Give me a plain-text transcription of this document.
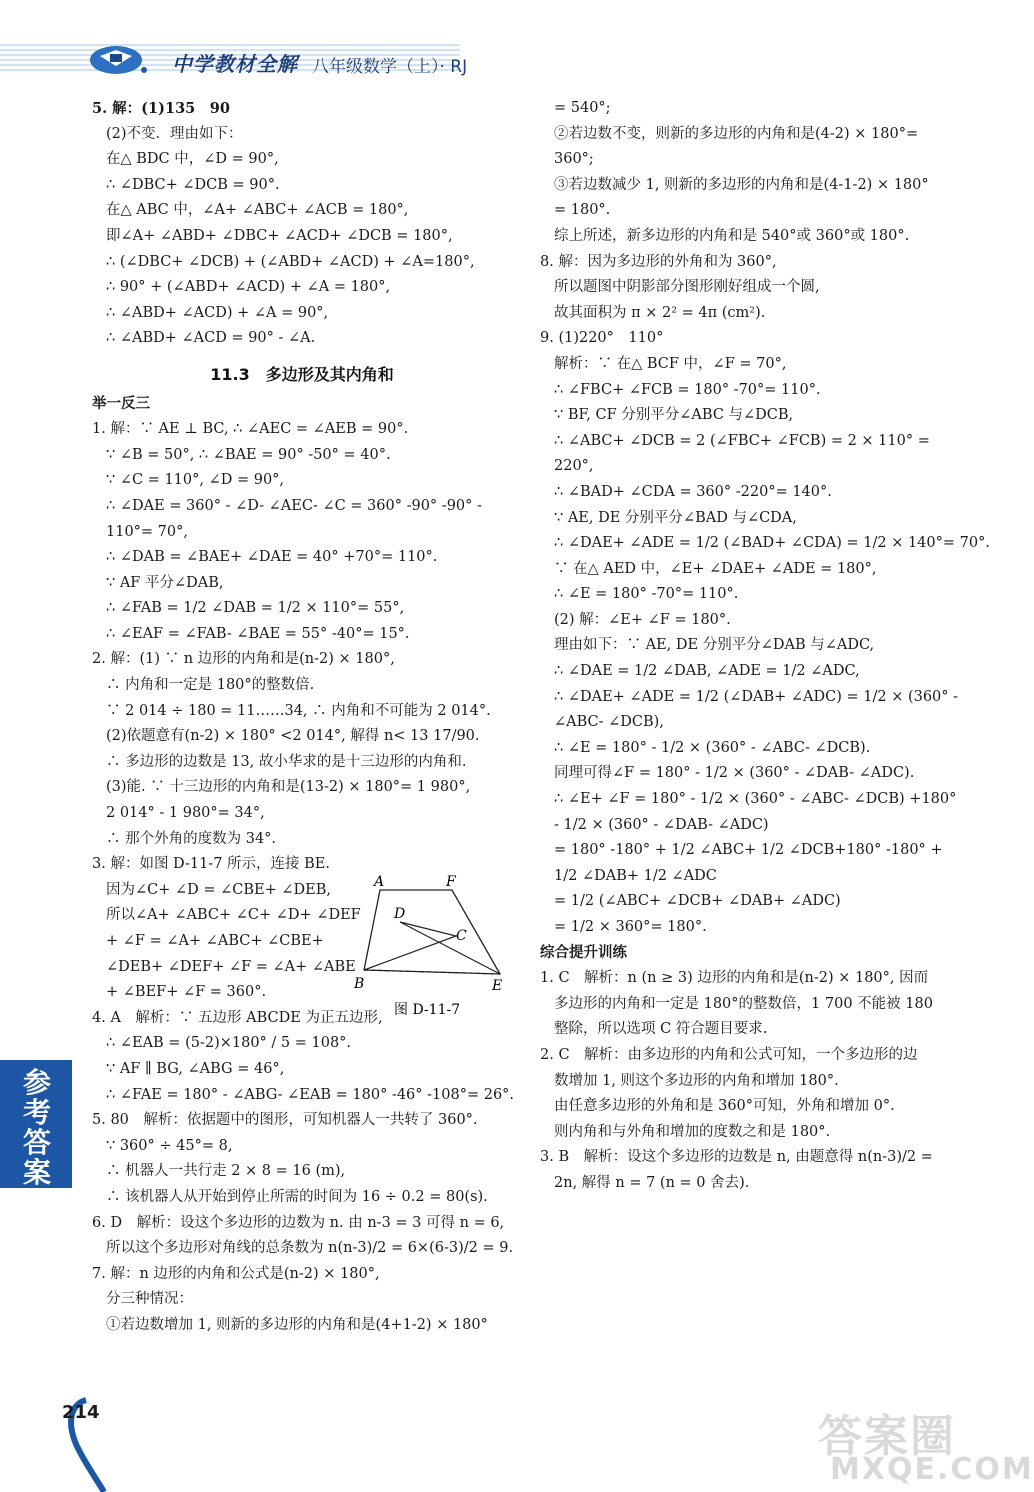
中学教材全解 八年级数学（上）· RJ
5. 解：(1)135　90
(2)不变．理由如下：
在△ BDC 中，∠D = 90°,
∴ ∠DBC+ ∠DCB = 90°.
在△ ABC 中，∠A+ ∠ABC+ ∠ACB = 180°,
即∠A+ ∠ABD+ ∠DBC+ ∠ACD+ ∠DCB = 180°,
∴ (∠DBC+ ∠DCB) + (∠ABD+ ∠ACD) + ∠A=180°,
∴ 90° + (∠ABD+ ∠ACD) + ∠A = 180°,
∴ ∠ABD+ ∠ACD) + ∠A = 90°,
∴ ∠ABD+ ∠ACD = 90° - ∠A.
11.3　多边形及其内角和
举一反三
1. 解：∵ AE ⊥ BC, ∴ ∠AEC = ∠AEB = 90°.
∵ ∠B = 50°, ∴ ∠BAE = 90° -50° = 40°.
∵ ∠C = 110°, ∠D = 90°,
∴ ∠DAE = 360° - ∠D- ∠AEC- ∠C = 360° -90° -90° -
110°= 70°,
∴ ∠DAB = ∠BAE+ ∠DAE = 40° +70°= 110°.
∵ AF 平分∠DAB,
∴ ∠FAB = 1/2 ∠DAB = 1/2 × 110°= 55°,
∴ ∠EAF = ∠FAB- ∠BAE = 55° -40°= 15°.
2. 解：(1) ∵ n 边形的内角和是(n-2) × 180°,
∴ 内角和一定是 180°的整数倍.
∵ 2 014 ÷ 180 = 11……34, ∴ 内角和不可能为 2 014°.
(2)依题意有(n-2) × 180° <2 014°, 解得 n< 13 17/90.
∴ 多边形的边数是 13, 故小华求的是十三边形的内角和.
(3)能. ∵ 十三边形的内角和是(13-2) × 180°= 1 980°,
2 014° - 1 980°= 34°,
∴ 那个外角的度数为 34°.
3. 解：如图 D-11-7 所示，连接 BE.
因为∠C+ ∠D = ∠CBE+ ∠DEB,
所以∠A+ ∠ABC+ ∠C+ ∠D+ ∠DEF
+ ∠F = ∠A+ ∠ABC+ ∠CBE+
∠DEB+ ∠DEF+ ∠F = ∠A+ ∠ABE
+ ∠BEF+ ∠F = 360°.
4. A　解析：∵ 五边形 ABCDE 为正五边形,
∴ ∠EAB = (5-2)×180° / 5 = 108°.
∵ AF ∥ BG, ∠ABG = 46°,
∴ ∠FAE = 180° - ∠ABG- ∠EAB = 180° -46° -108°= 26°.
5. 80　解析：依据题中的图形，可知机器人一共转了 360°.
∵ 360° ÷ 45°= 8,
∴ 机器人一共行走 2 × 8 = 16 (m),
∴ 该机器人从开始到停止所需的时间为 16 ÷ 0.2 = 80(s).
6. D　解析：设这个多边形的边数为 n. 由 n-3 = 3 可得 n = 6,
所以这个多边形对角线的总条数为 n(n-3)/2 = 6×(6-3)/2 = 9.
7. 解：n 边形的内角和公式是(n-2) × 180°,
分三种情况：
①若边数增加 1, 则新的多边形的内角和是(4+1-2) × 180°
= 540°;
②若边数不变，则新的多边形的内角和是(4-2) × 180°=
360°;
③若边数减少 1, 则新的多边形的内角和是(4-1-2) × 180°
= 180°.
综上所述，新多边形的内角和是 540°或 360°或 180°.
8. 解：因为多边形的外角和为 360°,
所以题图中阴影部分图形刚好组成一个圆,
故其面积为 π × 2² = 4π (cm²).
9. (1)220°　110°
解析：∵ 在△ BCF 中，∠F = 70°,
∴ ∠FBC+ ∠FCB = 180° -70°= 110°.
∵ BF, CF 分别平分∠ABC 与∠DCB,
∴ ∠ABC+ ∠DCB = 2 (∠FBC+ ∠FCB) = 2 × 110° =
220°,
∴ ∠BAD+ ∠CDA = 360° -220°= 140°.
∵ AE, DE 分别平分∠BAD 与∠CDA,
∴ ∠DAE+ ∠ADE = 1/2 (∠BAD+ ∠CDA) = 1/2 × 140°= 70°.
∵ 在△ AED 中，∠E+ ∠DAE+ ∠ADE = 180°,
∴ ∠E = 180° -70°= 110°.
(2) 解：∠E+ ∠F = 180°.
理由如下：∵ AE, DE 分别平分∠DAB 与∠ADC,
∴ ∠DAE = 1/2 ∠DAB, ∠ADE = 1/2 ∠ADC,
∴ ∠DAE+ ∠ADE = 1/2 (∠DAB+ ∠ADC) = 1/2 × (360° -
∠ABC- ∠DCB),
∴ ∠E = 180° - 1/2 × (360° - ∠ABC- ∠DCB).
同理可得∠F = 180° - 1/2 × (360° - ∠DAB- ∠ADC).
∴ ∠E+ ∠F = 180° - 1/2 × (360° - ∠ABC- ∠DCB) +180°
- 1/2 × (360° - ∠DAB- ∠ADC)
= 180° -180° + 1/2 ∠ABC+ 1/2 ∠DCB+180° -180° +
1/2 ∠DAB+ 1/2 ∠ADC
= 1/2 (∠ABC+ ∠DCB+ ∠DAB+ ∠ADC)
= 1/2 × 360°= 180°.
综合提升训练
1. C　解析：n (n ≥ 3) 边形的内角和是(n-2) × 180°, 因而
多边形的内角和一定是 180°的整数倍，1 700 不能被 180
整除，所以选项 C 符合题目要求.
2. C　解析：由多边形的内角和公式可知，一个多边形的边
数增加 1, 则这个多边形的内角和增加 180°.
由任意多边形的外角和是 360°可知，外角和增加 0°.
则内角和与外角和增加的度数之和是 180°.
3. B　解析：设这个多边形的边数是 n, 由题意得 n(n-3)/2 =
2n, 解得 n = 7 (n = 0 舍去).
A	F
D
C
B	E
图 D-11-7
参考答案
214	答案圈
MXQE.COM
